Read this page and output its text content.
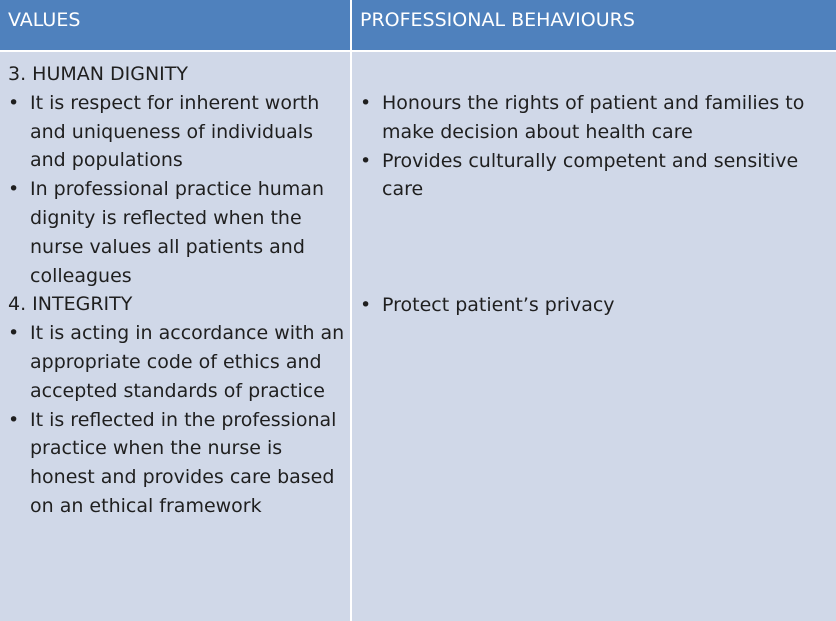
VALUES	PROFESSIONAL BEHAVIOURS
3. HUMAN DIGNITY
• It is respect for inherent worth and uniqueness of individuals and populations
• In professional practice human dignity is reflected when the nurse values all patients and colleagues
4. INTEGRITY
• It is acting in accordance with an appropriate code of ethics and accepted standards of practice
• It is reflected in the professional practice when the nurse is honest and provides care based on an ethical framework
• Honours the rights of patient and families to make decision about health care
• Provides culturally competent and sensitive care
• Protect patient’s privacy
